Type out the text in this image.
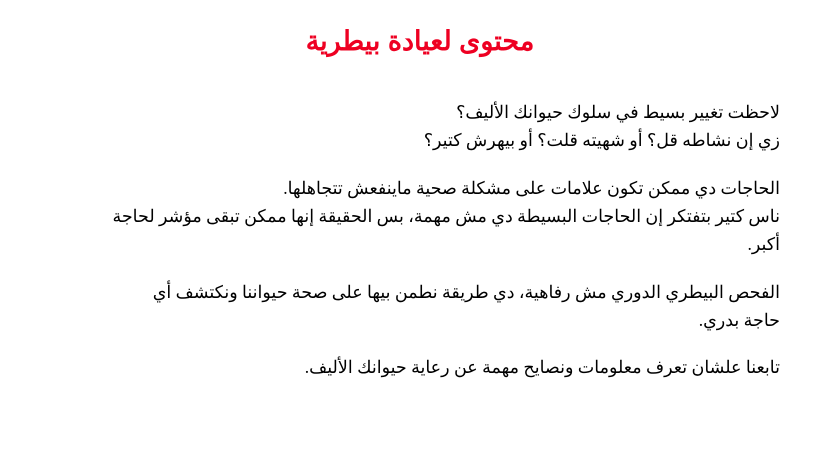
محتوى لعيادة بيطرية
لاحظت تغيير بسيط في سلوك حيوانك الأليف؟
زي إن نشاطه قل؟ أو شهيته قلت؟ أو بيهرش كتير؟
الحاجات دي ممكن تكون علامات على مشكلة صحية ماينفعش تتجاهلها.
ناس كتير بتفتكر إن الحاجات البسيطة دي مش مهمة، بس الحقيقة إنها ممكن تبقى مؤشر لحاجة
أكبر.
الفحص البيطري الدوري مش رفاهية، دي طريقة نطمن بيها على صحة حيواننا ونكتشف أي
حاجة بدري.
تابعنا علشان تعرف معلومات ونصايح مهمة عن رعاية حيوانك الأليف.
